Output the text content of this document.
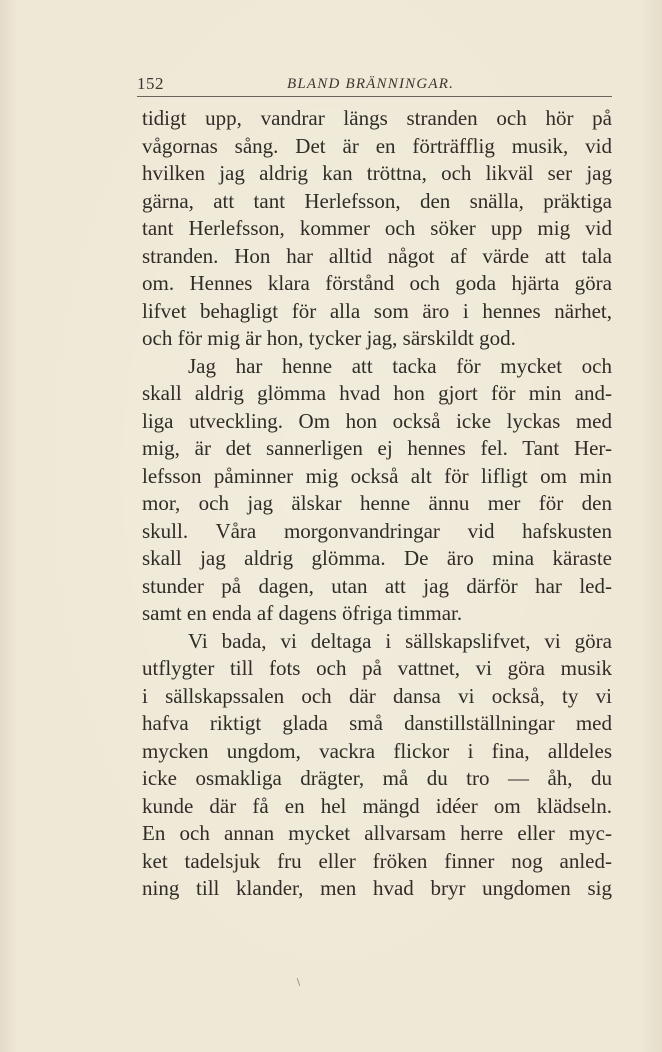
152	BLAND BRÄNNINGAR.
tidigt upp, vandrar längs stranden och hör på
vågornas sång. Det är en förträfflig musik, vid
hvilken jag aldrig kan tröttna, och likväl ser jag
gärna, att tant Herlefsson, den snälla, präktiga
tant Herlefsson, kommer och söker upp mig vid
stranden. Hon har alltid något af värde att tala
om. Hennes klara förstånd och goda hjärta göra
lifvet behagligt för alla som äro i hennes närhet,
och för mig är hon, tycker jag, särskildt god.
Jag har henne att tacka för mycket och
skall aldrig glömma hvad hon gjort för min and-
liga utveckling. Om hon också icke lyckas med
mig, är det sannerligen ej hennes fel. Tant Her-
lefsson påminner mig också alt för lifligt om min
mor, och jag älskar henne ännu mer för den
skull. Våra morgonvandringar vid hafskusten
skall jag aldrig glömma. De äro mina käraste
stunder på dagen, utan att jag därför har led-
samt en enda af dagens öfriga timmar.
Vi bada, vi deltaga i sällskapslifvet, vi göra
utflygter till fots och på vattnet, vi göra musik
i sällskapssalen och där dansa vi också, ty vi
hafva riktigt glada små danstillställningar med
mycken ungdom, vackra flickor i fina, alldeles
icke osmakliga drägter, må du tro — åh, du
kunde där få en hel mängd idéer om klädseln.
En och annan mycket allvarsam herre eller myc-
ket tadelsjuk fru eller fröken finner nog anled-
ning till klander, men hvad bryr ungdomen sig
